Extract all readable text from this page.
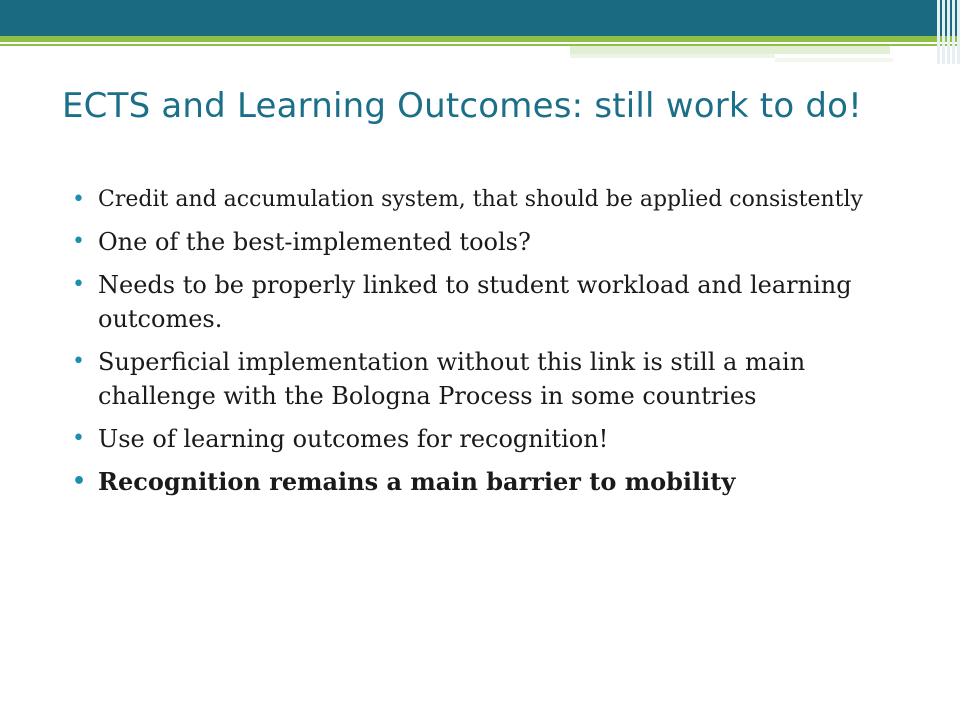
ECTS and Learning Outcomes: still work to do!
• Credit and accumulation system, that should be applied consistently
• One of the best-implemented tools?
• Needs to be properly linked to student workload and learning outcomes.
• Superficial implementation without this link is still a main challenge with the Bologna Process in some countries
• Use of learning outcomes for recognition!
• Recognition remains a main barrier to mobility
